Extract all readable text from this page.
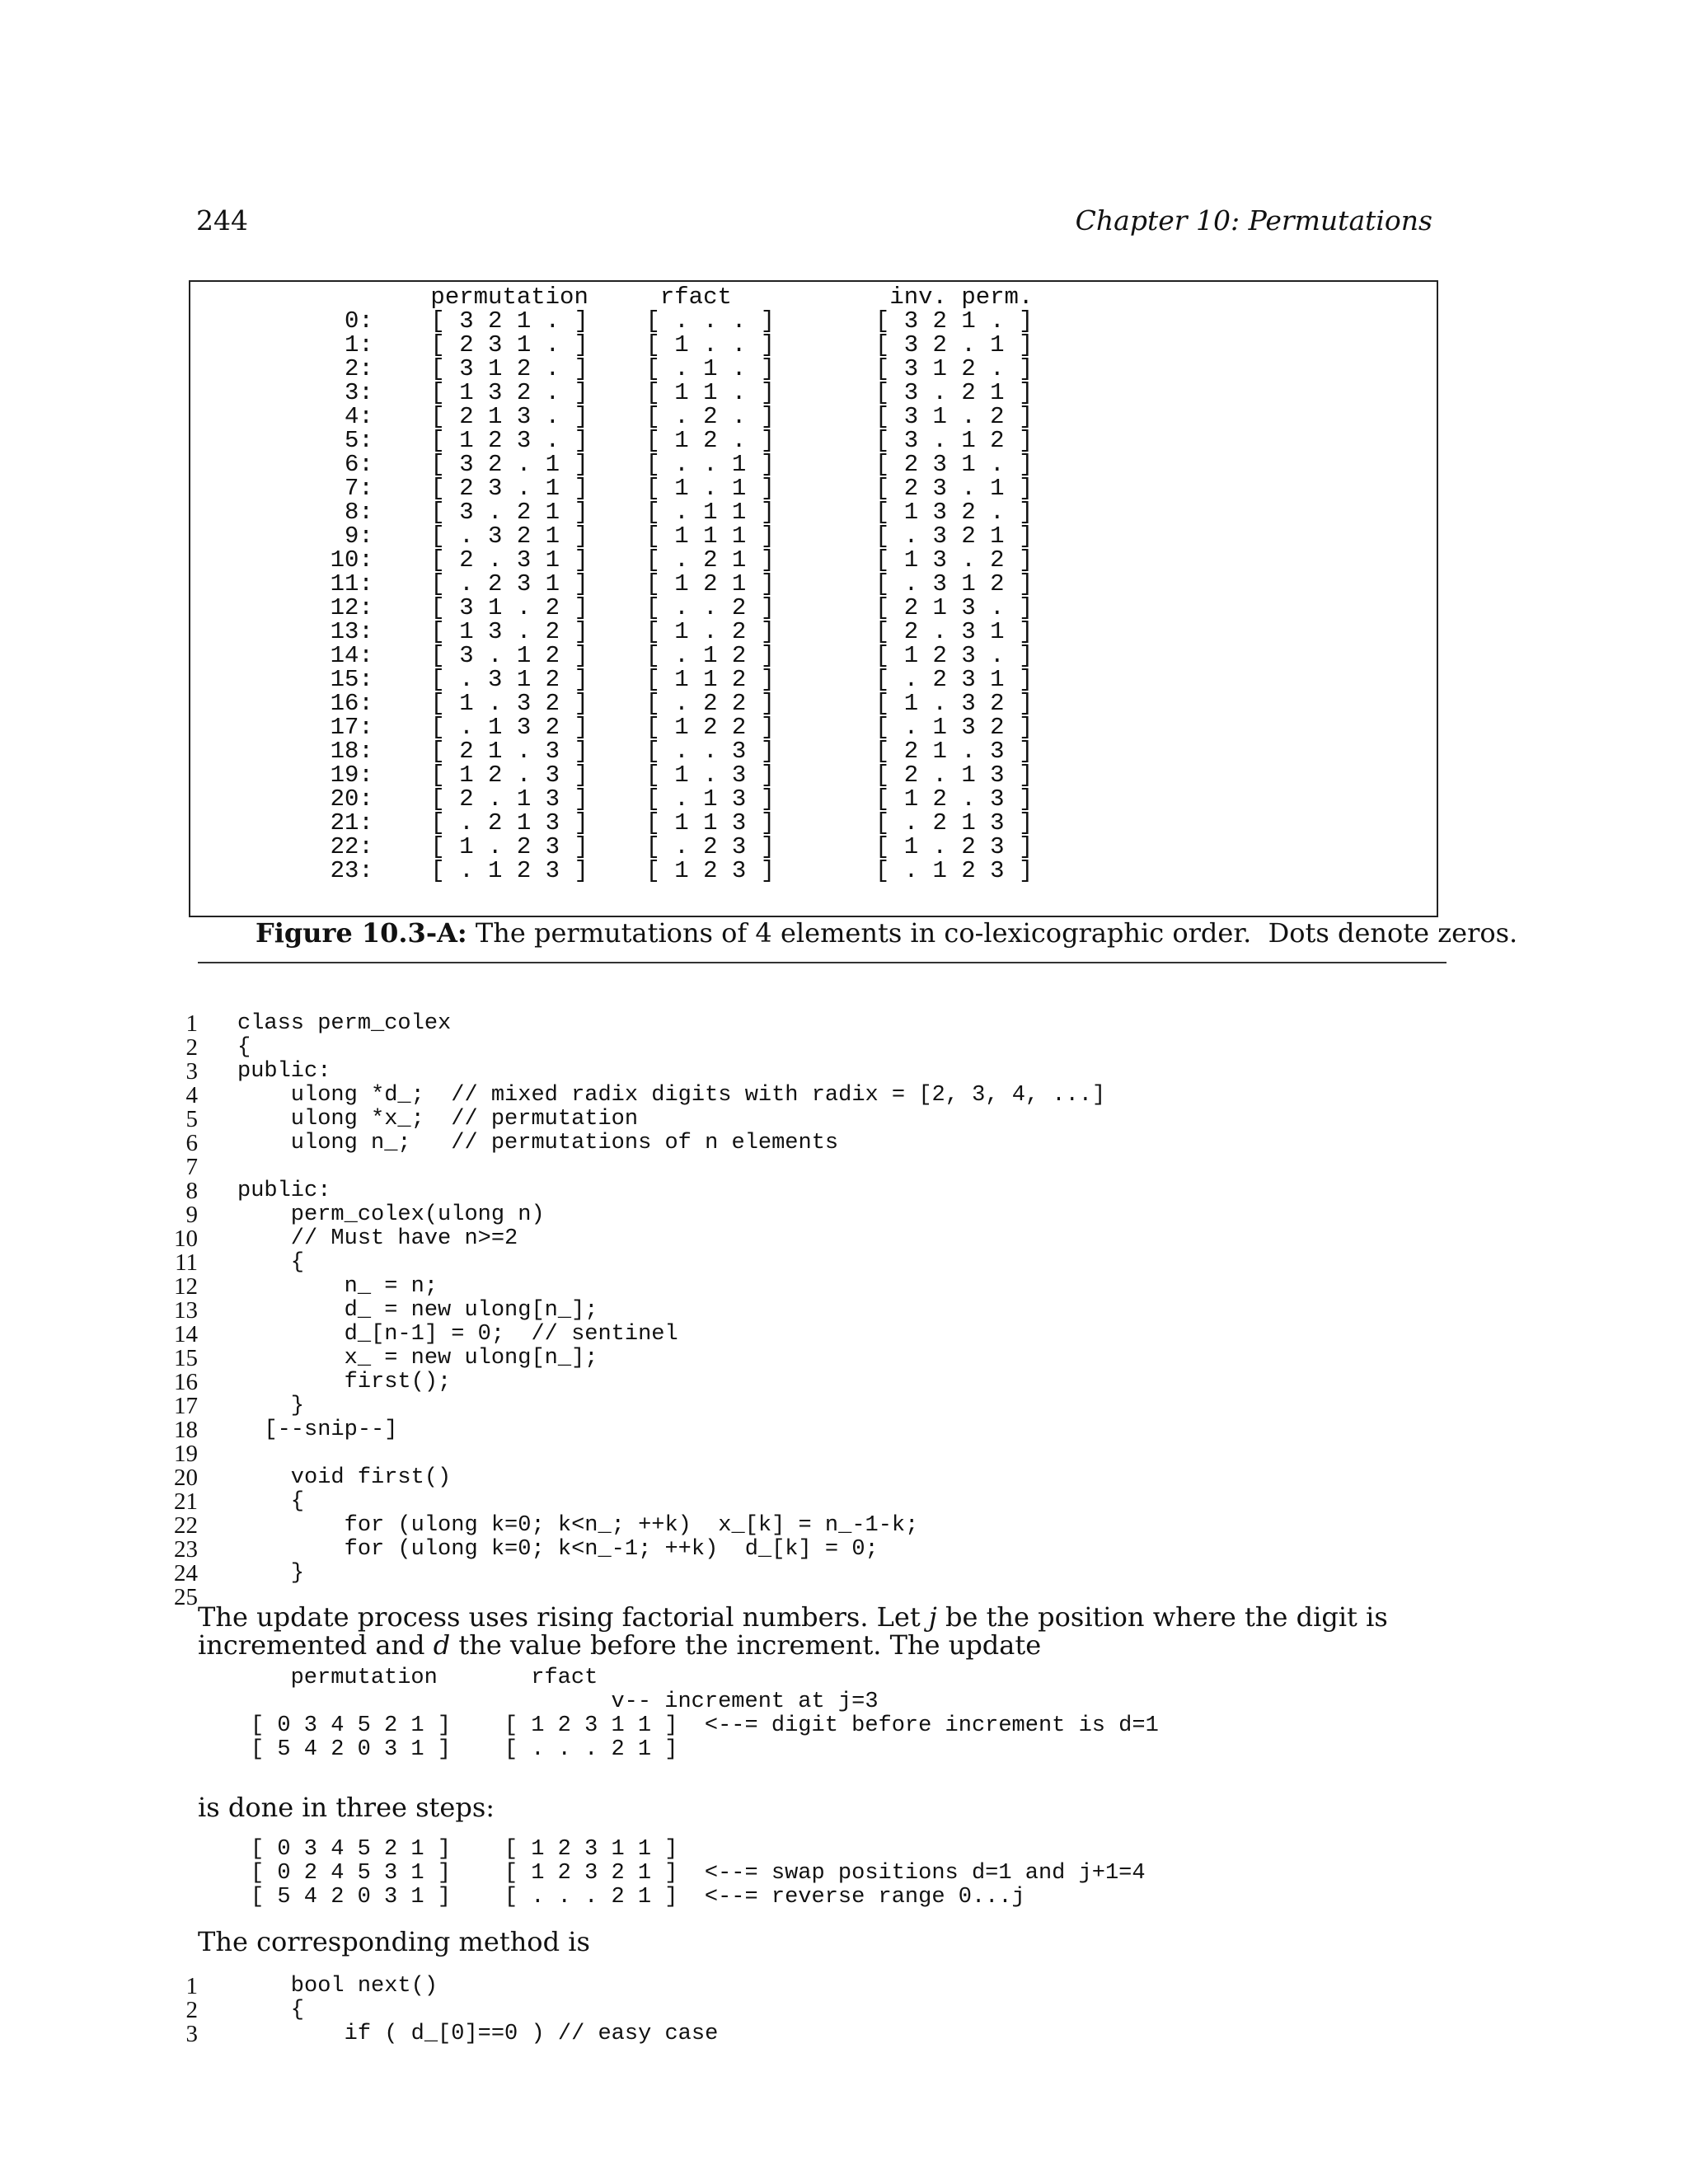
244	Chapter 10: Permutations
permutation     rfact           inv. perm.
0:    [ 3 2 1 . ]    [ . . . ]       [ 3 2 1 . ]
1:    [ 2 3 1 . ]    [ 1 . . ]       [ 3 2 . 1 ]
2:    [ 3 1 2 . ]    [ . 1 . ]       [ 3 1 2 . ]
3:    [ 1 3 2 . ]    [ 1 1 . ]       [ 3 . 2 1 ]
4:    [ 2 1 3 . ]    [ . 2 . ]       [ 3 1 . 2 ]
5:    [ 1 2 3 . ]    [ 1 2 . ]       [ 3 . 1 2 ]
6:    [ 3 2 . 1 ]    [ . . 1 ]       [ 2 3 1 . ]
7:    [ 2 3 . 1 ]    [ 1 . 1 ]       [ 2 3 . 1 ]
8:    [ 3 . 2 1 ]    [ . 1 1 ]       [ 1 3 2 . ]
9:    [ . 3 2 1 ]    [ 1 1 1 ]       [ . 3 2 1 ]
10:    [ 2 . 3 1 ]    [ . 2 1 ]       [ 1 3 . 2 ]
11:    [ . 2 3 1 ]    [ 1 2 1 ]       [ . 3 1 2 ]
12:    [ 3 1 . 2 ]    [ . . 2 ]       [ 2 1 3 . ]
13:    [ 1 3 . 2 ]    [ 1 . 2 ]       [ 2 . 3 1 ]
14:    [ 3 . 1 2 ]    [ . 1 2 ]       [ 1 2 3 . ]
15:    [ . 3 1 2 ]    [ 1 1 2 ]       [ . 2 3 1 ]
16:    [ 1 . 3 2 ]    [ . 2 2 ]       [ 1 . 3 2 ]
17:    [ . 1 3 2 ]    [ 1 2 2 ]       [ . 1 3 2 ]
18:    [ 2 1 . 3 ]    [ . . 3 ]       [ 2 1 . 3 ]
19:    [ 1 2 . 3 ]    [ 1 . 3 ]       [ 2 . 1 3 ]
20:    [ 2 . 1 3 ]    [ . 1 3 ]       [ 1 2 . 3 ]
21:    [ . 2 1 3 ]    [ 1 1 3 ]       [ . 2 1 3 ]
22:    [ 1 . 2 3 ]    [ . 2 3 ]       [ 1 . 2 3 ]
23:    [ . 1 2 3 ]    [ 1 2 3 ]       [ . 1 2 3 ]
Figure 10.3-A: The permutations of 4 elements in co-lexicographic order.  Dots denote zeros.
1 class perm_colex
2 {
3 public:
4 ulong *d_;  // mixed radix digits with radix = [2, 3, 4, ...]
5 ulong *x_;  // permutation
6 ulong n_;   // permutations of n elements
7
8 public:
9 perm_colex(ulong n)
10 // Must have n>=2
11 {
12 n_ = n;
13 d_ = new ulong[n_];
14 d_[n-1] = 0;  // sentinel
15 x_ = new ulong[n_];
16 first();
17 }
18 [--snip--]
19
20 void first()
21 {
22 for (ulong k=0; k<n_; ++k)  x_[k] = n_-1-k;
23 for (ulong k=0; k<n_-1; ++k)  d_[k] = 0;
24 }
25
The update process uses rising factorial numbers. Let j be the position where the digit is incremented and d the value before the increment. The update
permutation       rfact
v-- increment at j=3
[ 0 3 4 5 2 1 ]    [ 1 2 3 1 1 ]  <--= digit before increment is d=1
[ 5 4 2 0 3 1 ]    [ . . . 2 1 ]
is done in three steps:
[ 0 3 4 5 2 1 ]    [ 1 2 3 1 1 ]
[ 0 2 4 5 3 1 ]    [ 1 2 3 2 1 ]  <--= swap positions d=1 and j+1=4
[ 5 4 2 0 3 1 ]    [ . . . 2 1 ]  <--= reverse range 0...j
The corresponding method is
1 bool next()
2 {
3 if ( d_[0]==0 ) // easy case
